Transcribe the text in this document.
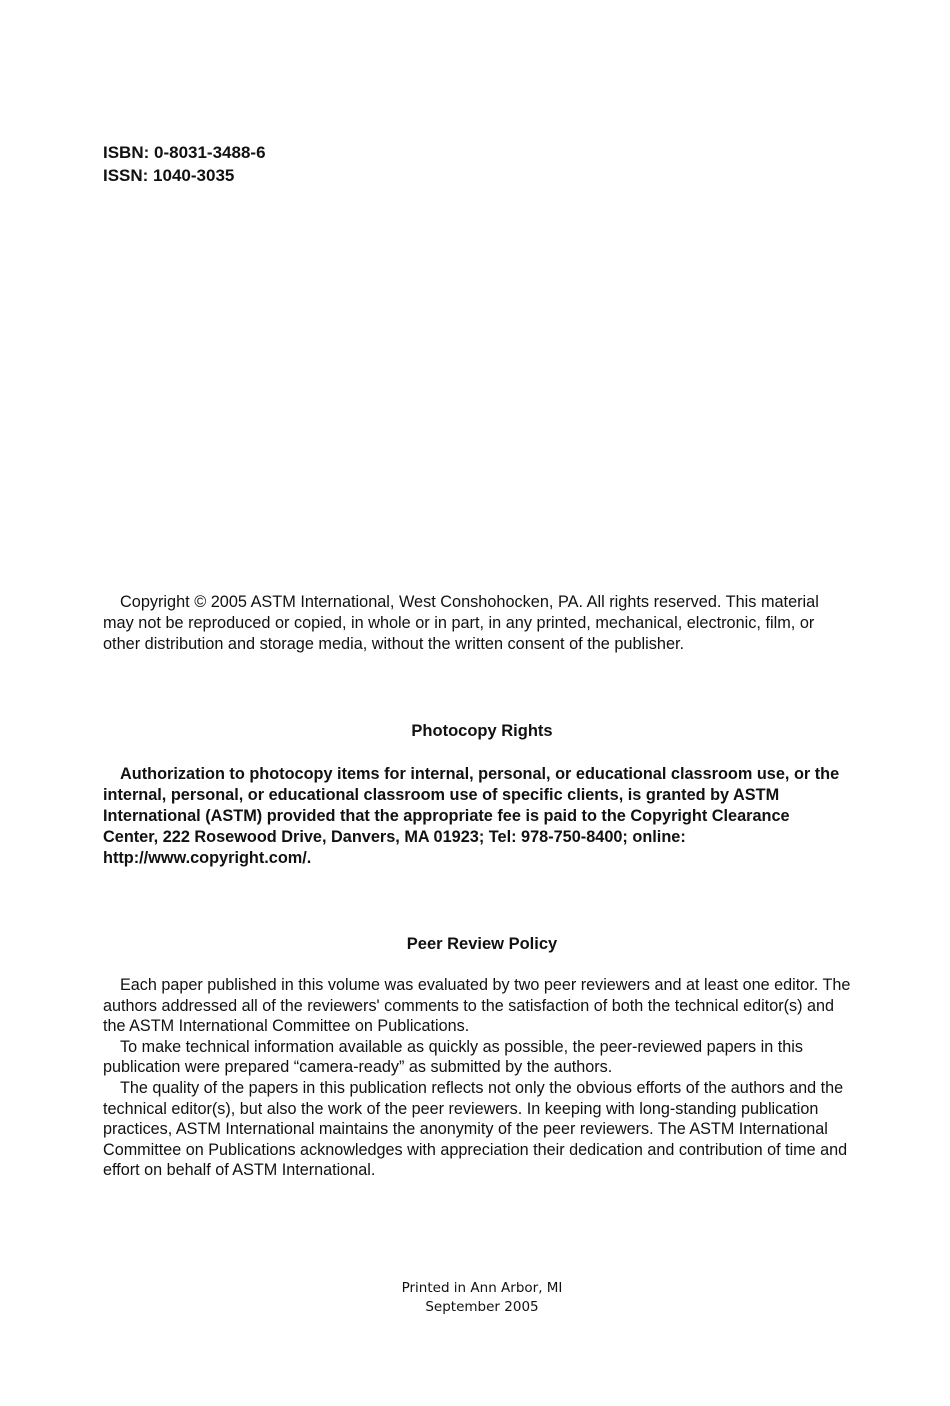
ISBN: 0-8031-3488-6
ISSN: 1040-3035

Copyright © 2005 ASTM International, West Conshohocken, PA. All rights reserved. This material may not be reproduced or copied, in whole or in part, in any printed, mechanical, electronic, film, or other distribution and storage media, without the written consent of the publisher.

Photocopy Rights

Authorization to photocopy items for internal, personal, or educational classroom use, or the internal, personal, or educational classroom use of specific clients, is granted by ASTM International (ASTM) provided that the appropriate fee is paid to the Copyright Clearance Center, 222 Rosewood Drive, Danvers, MA 01923; Tel: 978-750-8400; online: http://www.copyright.com/.

Peer Review Policy

Each paper published in this volume was evaluated by two peer reviewers and at least one editor. The authors addressed all of the reviewers' comments to the satisfaction of both the technical editor(s) and the ASTM International Committee on Publications.

To make technical information available as quickly as possible, the peer-reviewed papers in this publication were prepared “camera-ready” as submitted by the authors.

The quality of the papers in this publication reflects not only the obvious efforts of the authors and the technical editor(s), but also the work of the peer reviewers. In keeping with long-standing publication practices, ASTM International maintains the anonymity of the peer reviewers. The ASTM International Committee on Publications acknowledges with appreciation their dedication and contribution of time and effort on behalf of ASTM International.

Printed in Ann Arbor, MI
September 2005
